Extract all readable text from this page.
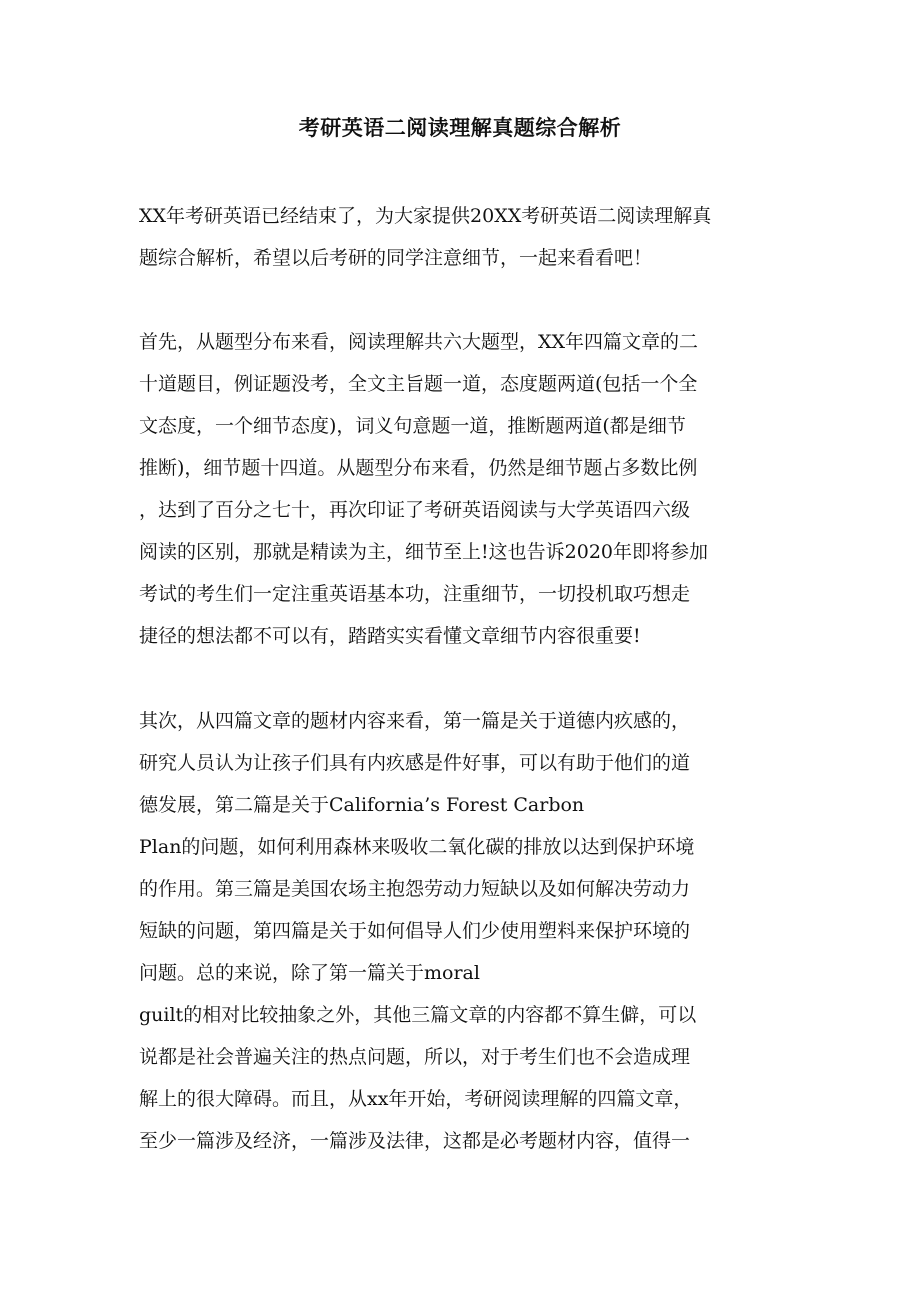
考研英语二阅读理解真题综合解析
XX年考研英语已经结束了，为大家提供20XX考研英语二阅读理解真
题综合解析，希望以后考研的同学注意细节，一起来看看吧！
首先，从题型分布来看，阅读理解共六大题型，XX年四篇文章的二
十道题目，例证题没考，全文主旨题一道，态度题两道(包括一个全
文态度，一个细节态度)，词义句意题一道，推断题两道(都是细节
推断)，细节题十四道。从题型分布来看，仍然是细节题占多数比例
，达到了百分之七十，再次印证了考研英语阅读与大学英语四六级
阅读的区别，那就是精读为主，细节至上!这也告诉2020年即将参加
考试的考生们一定注重英语基本功，注重细节，一切投机取巧想走
捷径的想法都不可以有，踏踏实实看懂文章细节内容很重要!
其次，从四篇文章的题材内容来看，第一篇是关于道德内疚感的，
研究人员认为让孩子们具有内疚感是件好事，可以有助于他们的道
德发展，第二篇是关于California’s Forest Carbon
Plan的问题，如何利用森林来吸收二氧化碳的排放以达到保护环境
的作用。第三篇是美国农场主抱怨劳动力短缺以及如何解决劳动力
短缺的问题，第四篇是关于如何倡导人们少使用塑料来保护环境的
问题。总的来说，除了第一篇关于moral
guilt的相对比较抽象之外，其他三篇文章的内容都不算生僻，可以
说都是社会普遍关注的热点问题，所以，对于考生们也不会造成理
解上的很大障碍。而且，从xx年开始，考研阅读理解的四篇文章，
至少一篇涉及经济，一篇涉及法律，这都是必考题材内容，值得一
